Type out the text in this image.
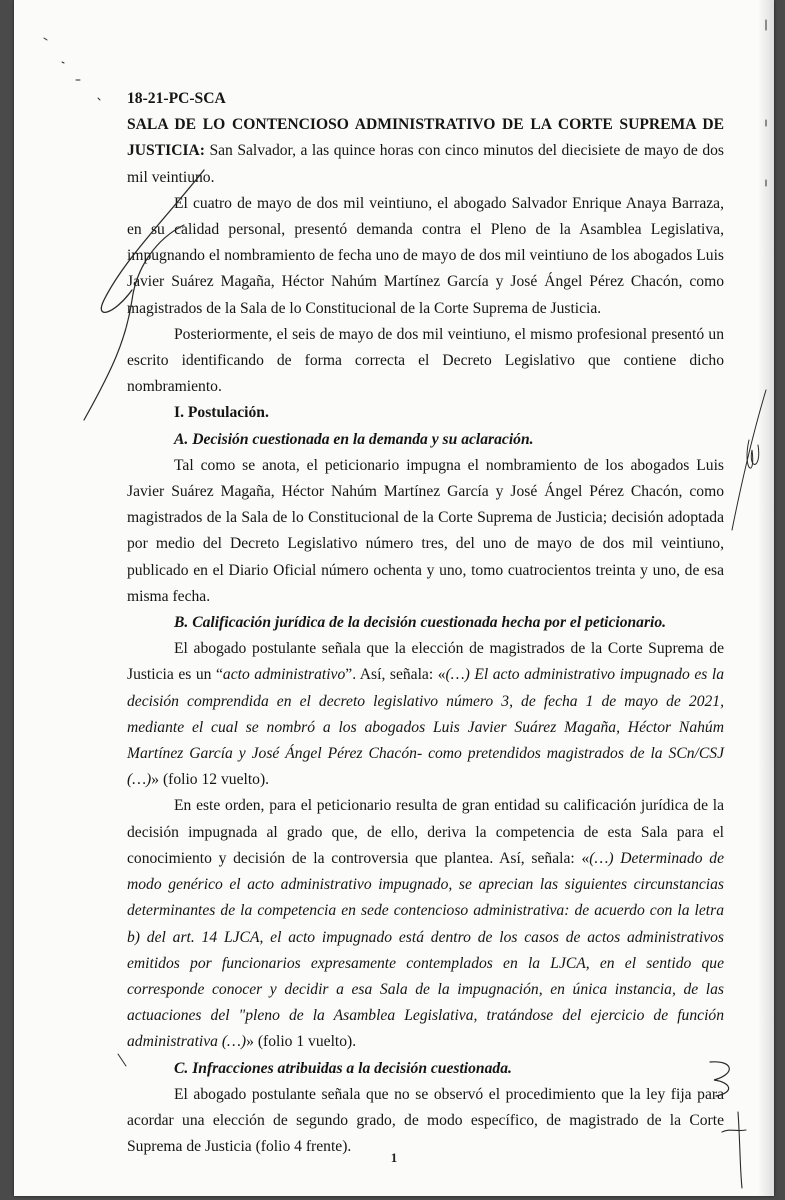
18-21-PC-SCA

SALA DE LO CONTENCIOSO ADMINISTRATIVO DE LA CORTE SUPREMA DE JUSTICIA: San Salvador, a las quince horas con cinco minutos del diecisiete de mayo de dos mil veintiuno.

El cuatro de mayo de dos mil veintiuno, el abogado Salvador Enrique Anaya Barraza, en su calidad personal, presentó demanda contra el Pleno de la Asamblea Legislativa, impugnando el nombramiento de fecha uno de mayo de dos mil veintiuno de los abogados Luis Javier Suárez Magaña, Héctor Nahúm Martínez García y José Ángel Pérez Chacón, como magistrados de la Sala de lo Constitucional de la Corte Suprema de Justicia.

Posteriormente, el seis de mayo de dos mil veintiuno, el mismo profesional presentó un escrito identificando de forma correcta el Decreto Legislativo que contiene dicho nombramiento.

I. Postulación.

A. Decisión cuestionada en la demanda y su aclaración.

Tal como se anota, el peticionario impugna el nombramiento de los abogados Luis Javier Suárez Magaña, Héctor Nahúm Martínez García y José Ángel Pérez Chacón, como magistrados de la Sala de lo Constitucional de la Corte Suprema de Justicia; decisión adoptada por medio del Decreto Legislativo número tres, del uno de mayo de dos mil veintiuno, publicado en el Diario Oficial número ochenta y uno, tomo cuatrocientos treinta y uno, de esa misma fecha.

B. Calificación jurídica de la decisión cuestionada hecha por el peticionario.

El abogado postulante señala que la elección de magistrados de la Corte Suprema de Justicia es un “acto administrativo”. Así, señala: «(…) El acto administrativo impugnado es la decisión comprendida en el decreto legislativo número 3, de fecha 1 de mayo de 2021, mediante el cual se nombró a los abogados Luis Javier Suárez Magaña, Héctor Nahúm Martínez García y José Ángel Pérez Chacón- como pretendidos magistrados de la SCn/CSJ (…)» (folio 12 vuelto).

En este orden, para el peticionario resulta de gran entidad su calificación jurídica de la decisión impugnada al grado que, de ello, deriva la competencia de esta Sala para el conocimiento y decisión de la controversia que plantea. Así, señala: «(…) Determinado de modo genérico el acto administrativo impugnado, se aprecian las siguientes circunstancias determinantes de la competencia en sede contencioso administrativa: de acuerdo con la letra b) del art. 14 LJCA, el acto impugnado está dentro de los casos de actos administrativos emitidos por funcionarios expresamente contemplados en la LJCA, en el sentido que corresponde conocer y decidir a esa Sala de la impugnación, en única instancia, de las actuaciones del "pleno de la Asamblea Legislativa, tratándose del ejercicio de función administrativa (…)» (folio 1 vuelto).

C. Infracciones atribuidas a la decisión cuestionada.

El abogado postulante señala que no se observó el procedimiento que la ley fija para acordar una elección de segundo grado, de modo específico, de magistrado de la Corte Suprema de Justicia (folio 4 frente).

1
